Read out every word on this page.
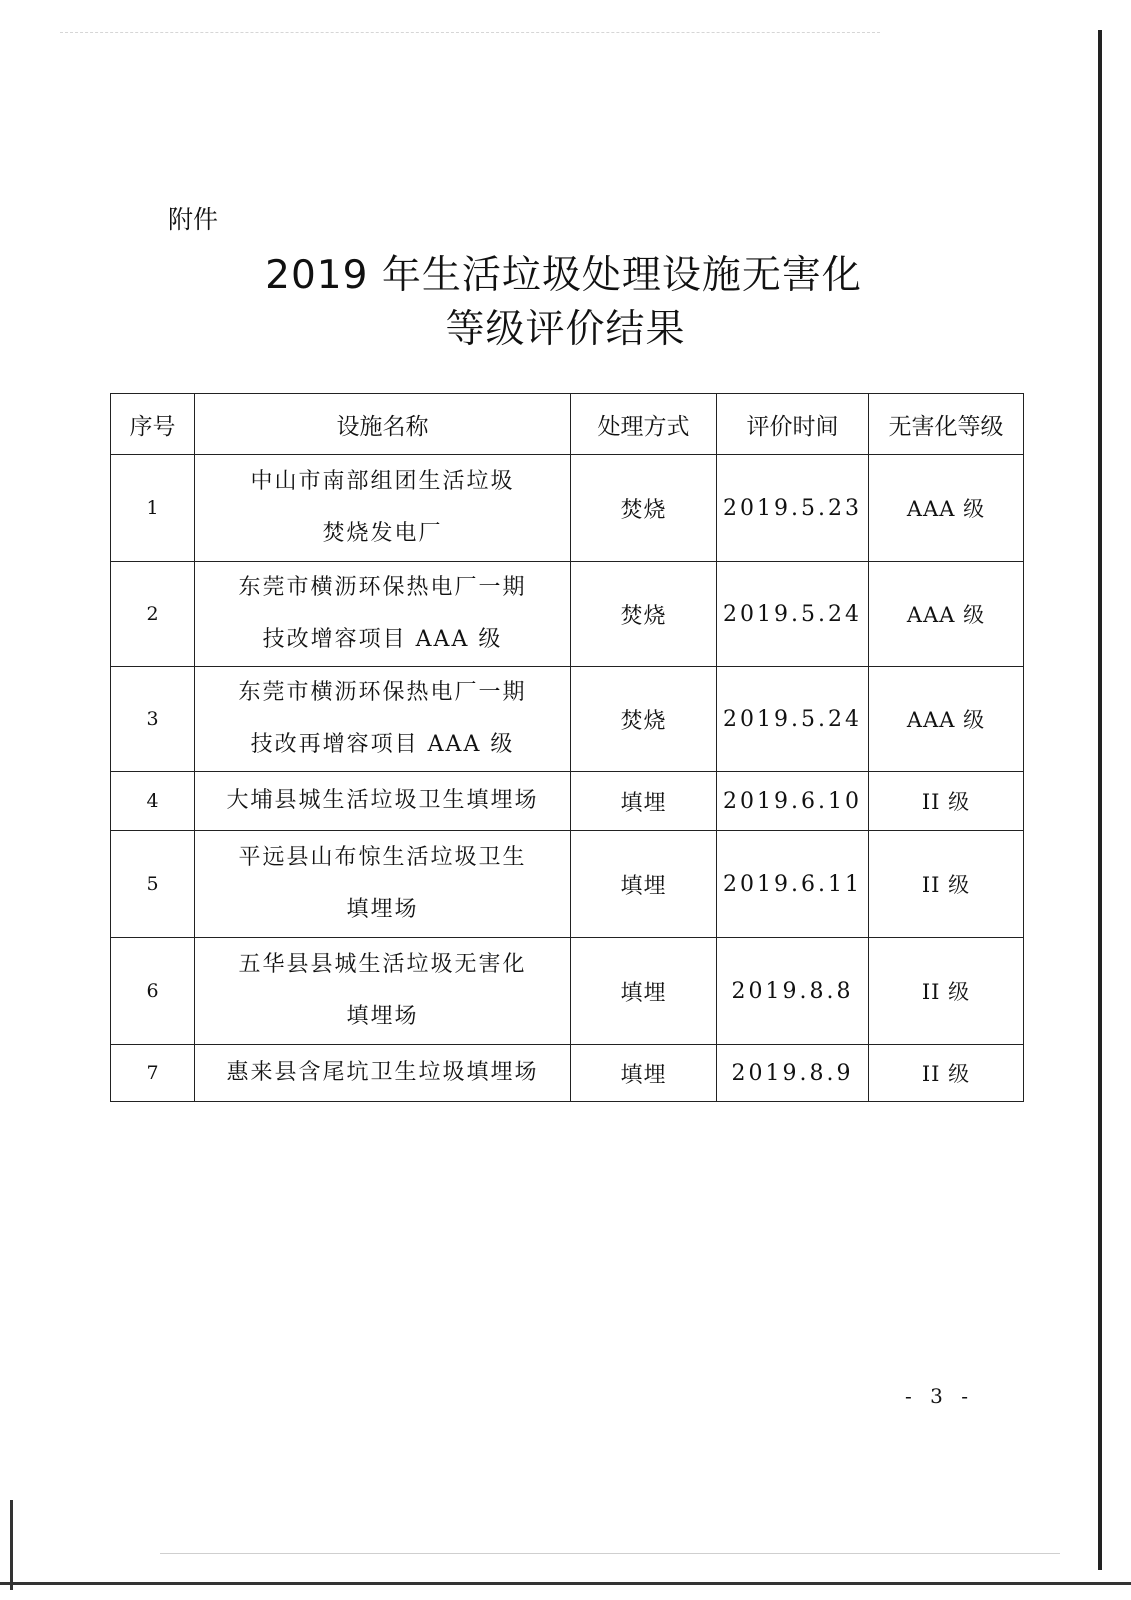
附件
2019 年生活垃圾处理设施无害化
等级评价结果
序号	设施名称	处理方式	评价时间	无害化等级
1	中山市南部组团生活垃圾
焚烧发电厂	焚烧	2019.5.23	AAA 级
2	东莞市横沥环保热电厂一期
技改增容项目 AAA 级	焚烧	2019.5.24	AAA 级
3	东莞市横沥环保热电厂一期
技改再增容项目 AAA 级	焚烧	2019.5.24	AAA 级
4	大埔县城生活垃圾卫生填埋场	填埋	2019.6.10	II 级
5	平远县山布惊生活垃圾卫生
填埋场	填埋	2019.6.11	II 级
6	五华县县城生活垃圾无害化
填埋场	填埋	2019.8.8	II 级
7	惠来县含尾坑卫生垃圾填埋场	填埋	2019.8.9	II 级
- 3 -
